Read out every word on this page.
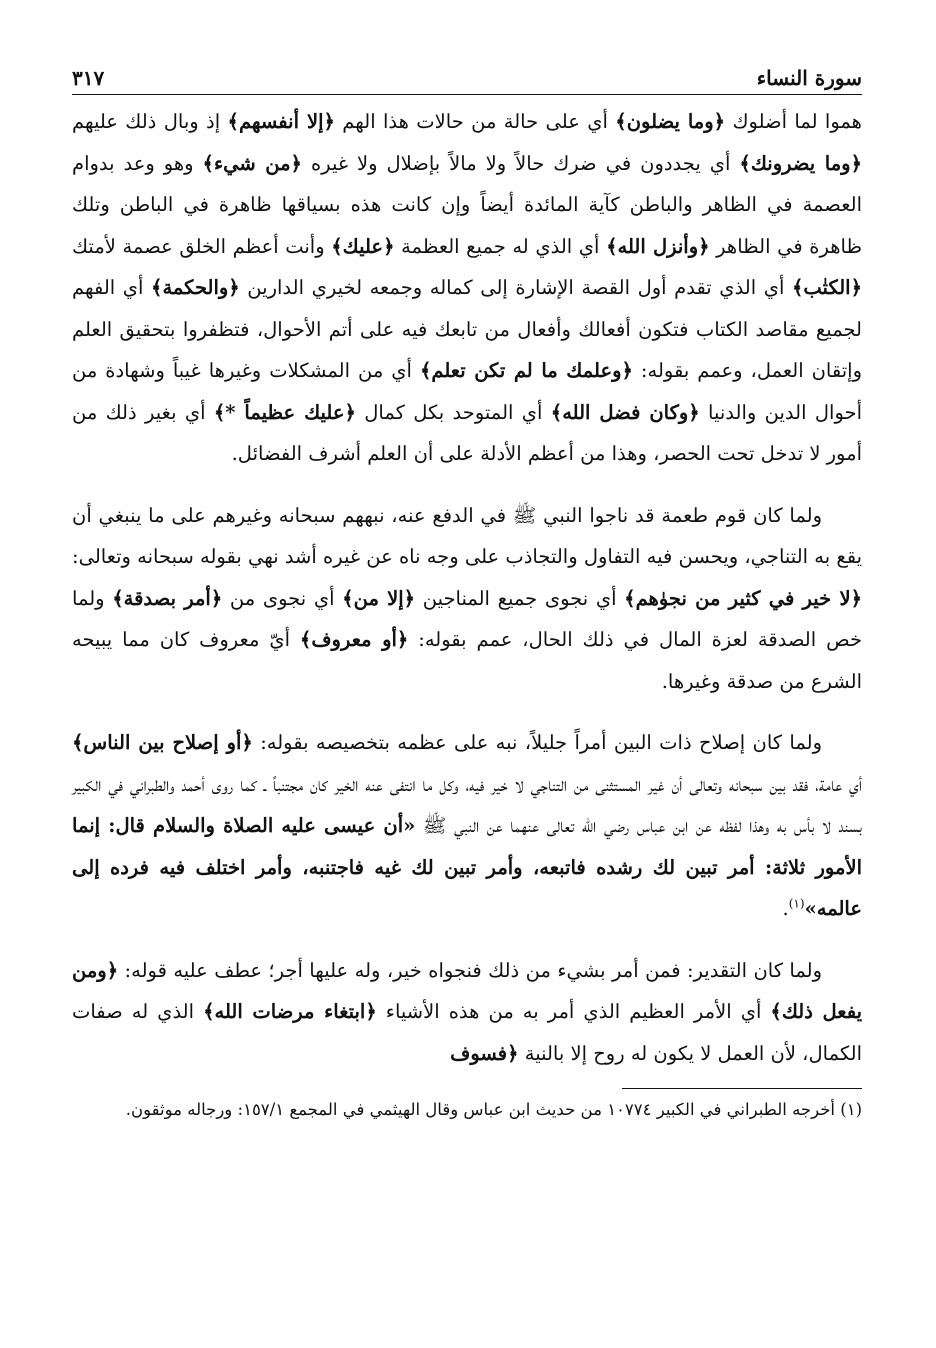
سورة النساء
٣١٧

هموا لما أضلوك ﴿وما يضلون﴾ أي على حالة من حالات هذا الهم ﴿إلا أنفسهم﴾ إذ وبال ذلك عليهم ﴿وما يضرونك﴾ أي يجددون في ضرك حالاً ولا مالاً بإضلال ولا غيره ﴿من شيء﴾ وهو وعد بدوام العصمة في الظاهر والباطن كآية المائدة أيضاً وإن كانت هذه بسياقها ظاهرة في الباطن وتلك ظاهرة في الظاهر ﴿وأنزل الله﴾ أي الذي له جميع العظمة ﴿عليك﴾ وأنت أعظم الخلق عصمة لأمتك ﴿الكتٰب﴾ أي الذي تقدم أول القصة الإشارة إلى كماله وجمعه لخيري الدارين ﴿والحكمة﴾ أي الفهم لجميع مقاصد الكتاب فتكون أفعالك وأفعال من تابعك فيه على أتم الأحوال، فتظفروا بتحقيق العلم وإتقان العمل، وعمم بقوله: ﴿وعلمك ما لم تكن تعلم﴾ أي من المشكلات وغيرها غيباً وشهادة من أحوال الدين والدنيا ﴿وكان فضل الله﴾ أي المتوحد بكل كمال ﴿عليك عظيماً *﴾ أي بغير ذلك من أمور لا تدخل تحت الحصر، وهذا من أعظم الأدلة على أن العلم أشرف الفضائل.

ولما كان قوم طعمة قد ناجوا النبي ﷺ في الدفع عنه، نبههم سبحانه وغيرهم على ما ينبغي أن يقع به التناجي، ويحسن فيه التفاول والتجاذب على وجه ناه عن غيره أشد نهي بقوله سبحانه وتعالى: ﴿لا خير في كثير من نجوٰهم﴾ أي نجوى جميع المناجين ﴿إلا من﴾ أي نجوى من ﴿أمر بصدقة﴾ ولما خص الصدقة لعزة المال في ذلك الحال، عمم بقوله: ﴿أو معروف﴾ أيّ معروف كان مما يبيحه الشرع من صدقة وغيرها.

ولما كان إصلاح ذات البين أمراً جليلاً، نبه على عظمه بتخصيصه بقوله: ﴿أو إصلاح بين الناس﴾ أي عامة، فقد بين سبحانه وتعالى أن غير المستثنى من التناجي لا خير فيه، وكل ما انتفى عنه الخير كان مجتنباً ـ كما روى أحمد والطبراني في الكبير بسند لا بأس به وهذا لفظه عن ابن عباس رضي الله تعالى عنهما عن النبي ﷺ «أن عيسى عليه الصلاة والسلام قال: إنما الأمور ثلاثة: أمر تبين لك رشده فاتبعه، وأمر تبين لك غيه فاجتنبه، وأمر اختلف فيه فرده إلى عالمه»$^{(١)}$.

ولما كان التقدير: فمن أمر بشيء من ذلك فنجواه خير، وله عليها أجر؛ عطف عليه قوله: ﴿ومن يفعل ذلك﴾ أي الأمر العظيم الذي أمر به من هذه الأشياء ﴿ابتغاء مرضات الله﴾ الذي له صفات الكمال، لأن العمل لا يكون له روح إلا بالنية ﴿فسوف

(١) أخرجه الطبراني في الكبير ١٠٧٧٤ من حديث ابن عباس وقال الهيثمي في المجمع ١٥٧/١: ورجاله موثقون.
